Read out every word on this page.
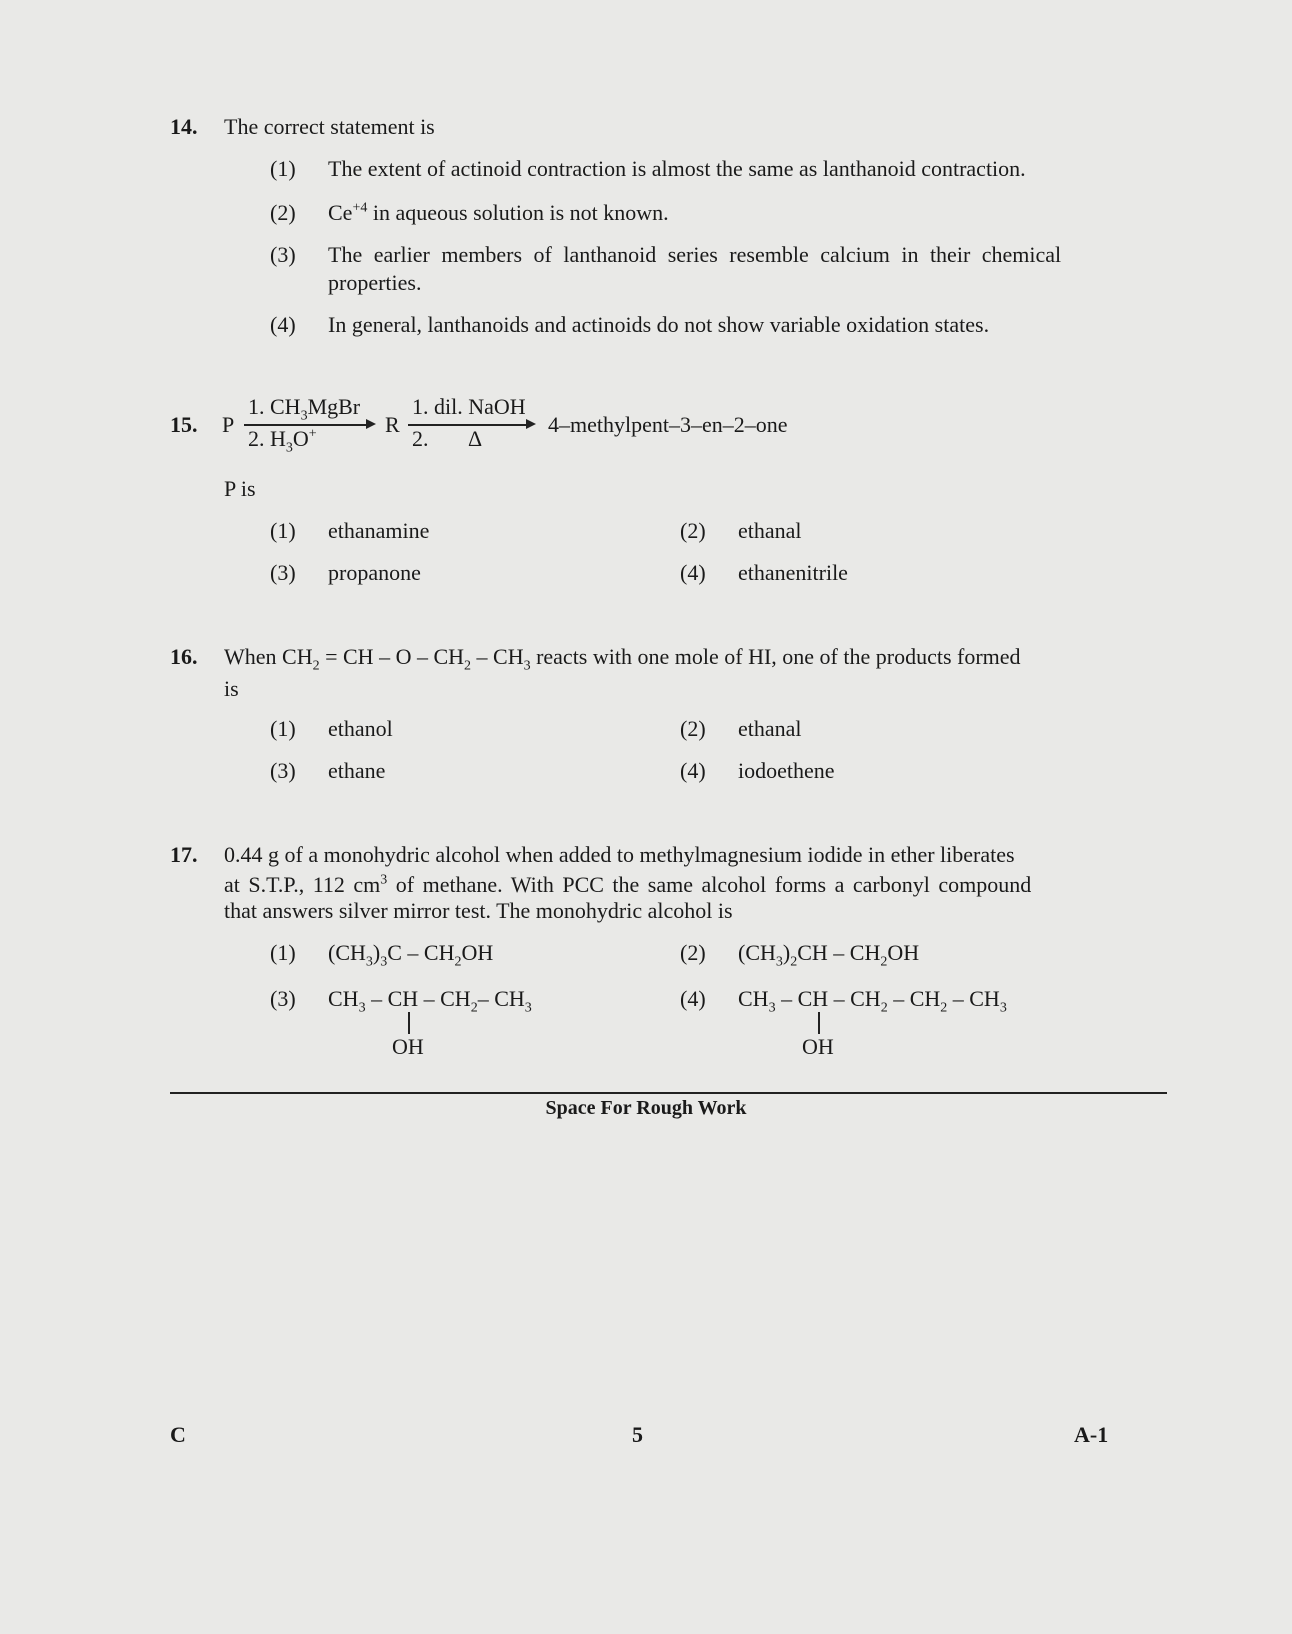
14. The correct statement is
(1) The extent of actinoid contraction is almost the same as lanthanoid contraction.
(2) $Ce^{+4}$ in aqueous solution is not known.
(3) The earlier members of lanthanoid series resemble calcium in their chemical
properties.
(4) In general, lanthanoids and actinoids do not show variable oxidation states.
15. P
1. $CH_3MgBr$
2. $H_3O^+$	R
1. dil. NaOH
2. Δ
4–methylpent–3–en–2–one
P is
(1) ethanamine	(2) ethanal
(3) propanone	(4) ethanenitrile
16. When $CH_2$ = CH – O – $CH_2 - CH_3$ reacts with one mole of HI, one of the products formed
is
(1) ethanol	(2) ethanal
(3) ethane	(4) iodoethene
17. 0.44 g of a monohydric alcohol when added to methylmagnesium iodide in ether liberates
at S.T.P., 112 $cm^3$ of methane. With PCC the same alcohol forms a carbonyl compound
that answers silver mirror test. The monohydric alcohol is
(1) $(CH_3)_3C - CH_2OH$	(2) $(CH_3)_2CH - CH_2OH$
(3) $CH_3$ – CH – $CH_2-$ $CH_3$
OH
(4) $CH_3$ – CH – $CH_2 - CH_2 - CH_3$
OH
Space For Rough Work
C	5	A-1
